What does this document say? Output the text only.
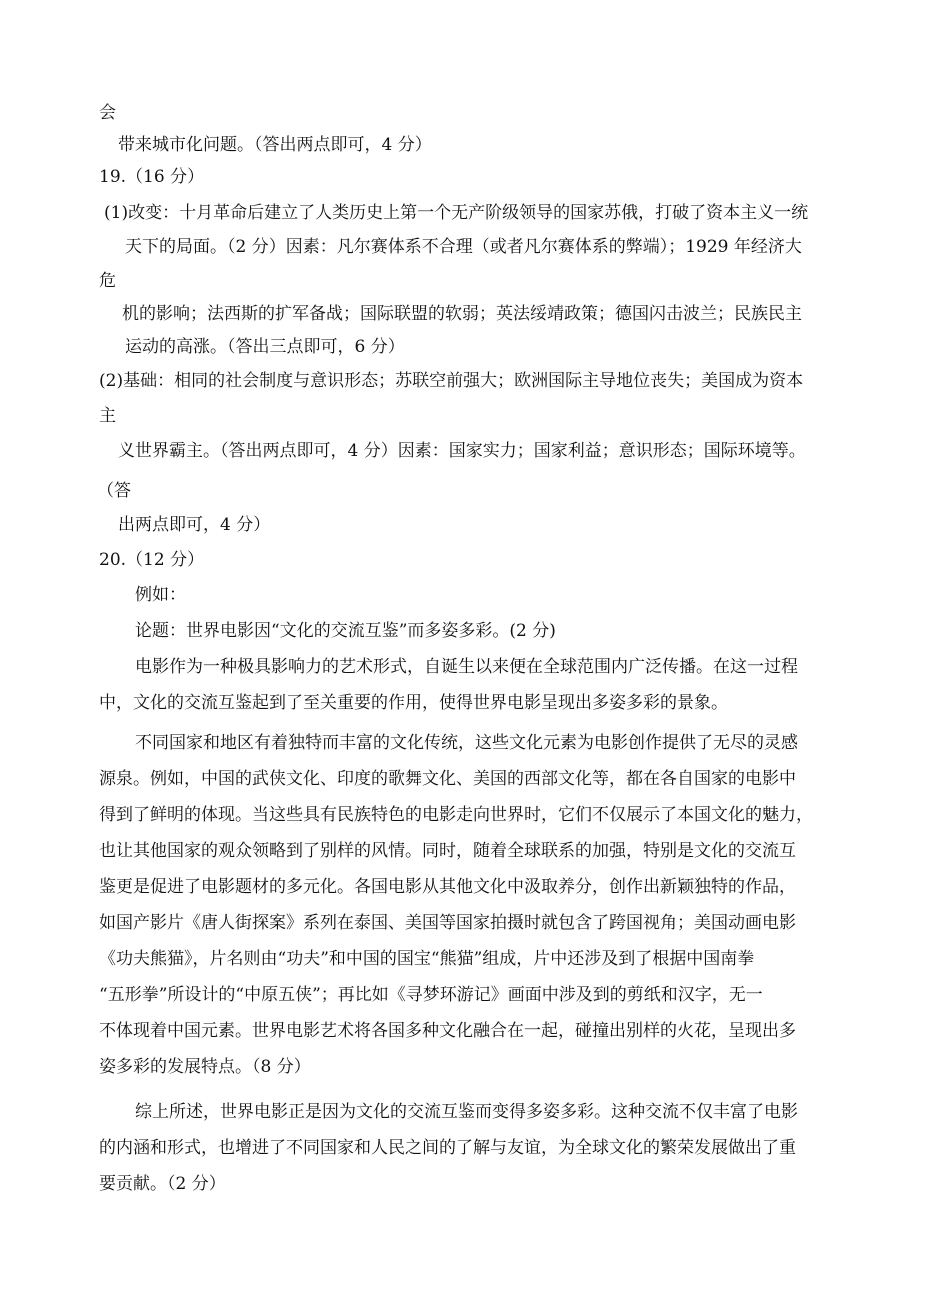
会
带来城市化问题。（答出两点即可，4 分）
19.（16 分）
(1)改变：十月革命后建立了人类历史上第一个无产阶级领导的国家苏俄，打破了资本主义一统
天下的局面。（2 分）因素：凡尔赛体系不合理（或者凡尔赛体系的弊端）；1929 年经济大
危
机的影响；法西斯的扩军备战；国际联盟的软弱；英法绥靖政策；德国闪击波兰；民族民主
运动的高涨。（答出三点即可，6 分）
(2)基础：相同的社会制度与意识形态；苏联空前强大；欧洲国际主导地位丧失；美国成为资本
主
义世界霸主。（答出两点即可，4 分）因素：国家实力；国家利益；意识形态；国际环境等。
（答
出两点即可，4 分）
20.（12 分）
例如：
论题：世界电影因“文化的交流互鉴”而多姿多彩。(2 分)
电影作为一种极具影响力的艺术形式，自诞生以来便在全球范围内广泛传播。在这一过程
中，文化的交流互鉴起到了至关重要的作用，使得世界电影呈现出多姿多彩的景象。
不同国家和地区有着独特而丰富的文化传统，这些文化元素为电影创作提供了无尽的灵感
源泉。例如，中国的武侠文化、印度的歌舞文化、美国的西部文化等，都在各自国家的电影中
得到了鲜明的体现。当这些具有民族特色的电影走向世界时，它们不仅展示了本国文化的魅力，
也让其他国家的观众领略到了别样的风情。同时，随着全球联系的加强，特别是文化的交流互
鉴更是促进了电影题材的多元化。各国电影从其他文化中汲取养分，创作出新颖独特的作品，
如国产影片《唐人街探案》系列在泰国、美国等国家拍摄时就包含了跨国视角；美国动画电影
《功夫熊猫》，片名则由“功夫”和中国的国宝“熊猫”组成，片中还涉及到了根据中国南拳
“五形拳”所设计的“中原五侠”；再比如《寻梦环游记》画面中涉及到的剪纸和汉字，无一
不体现着中国元素。世界电影艺术将各国多种文化融合在一起，碰撞出别样的火花，呈现出多
姿多彩的发展特点。（8 分）
综上所述，世界电影正是因为文化的交流互鉴而变得多姿多彩。这种交流不仅丰富了电影
的内涵和形式，也增进了不同国家和人民之间的了解与友谊，为全球文化的繁荣发展做出了重
要贡献。（2 分）
